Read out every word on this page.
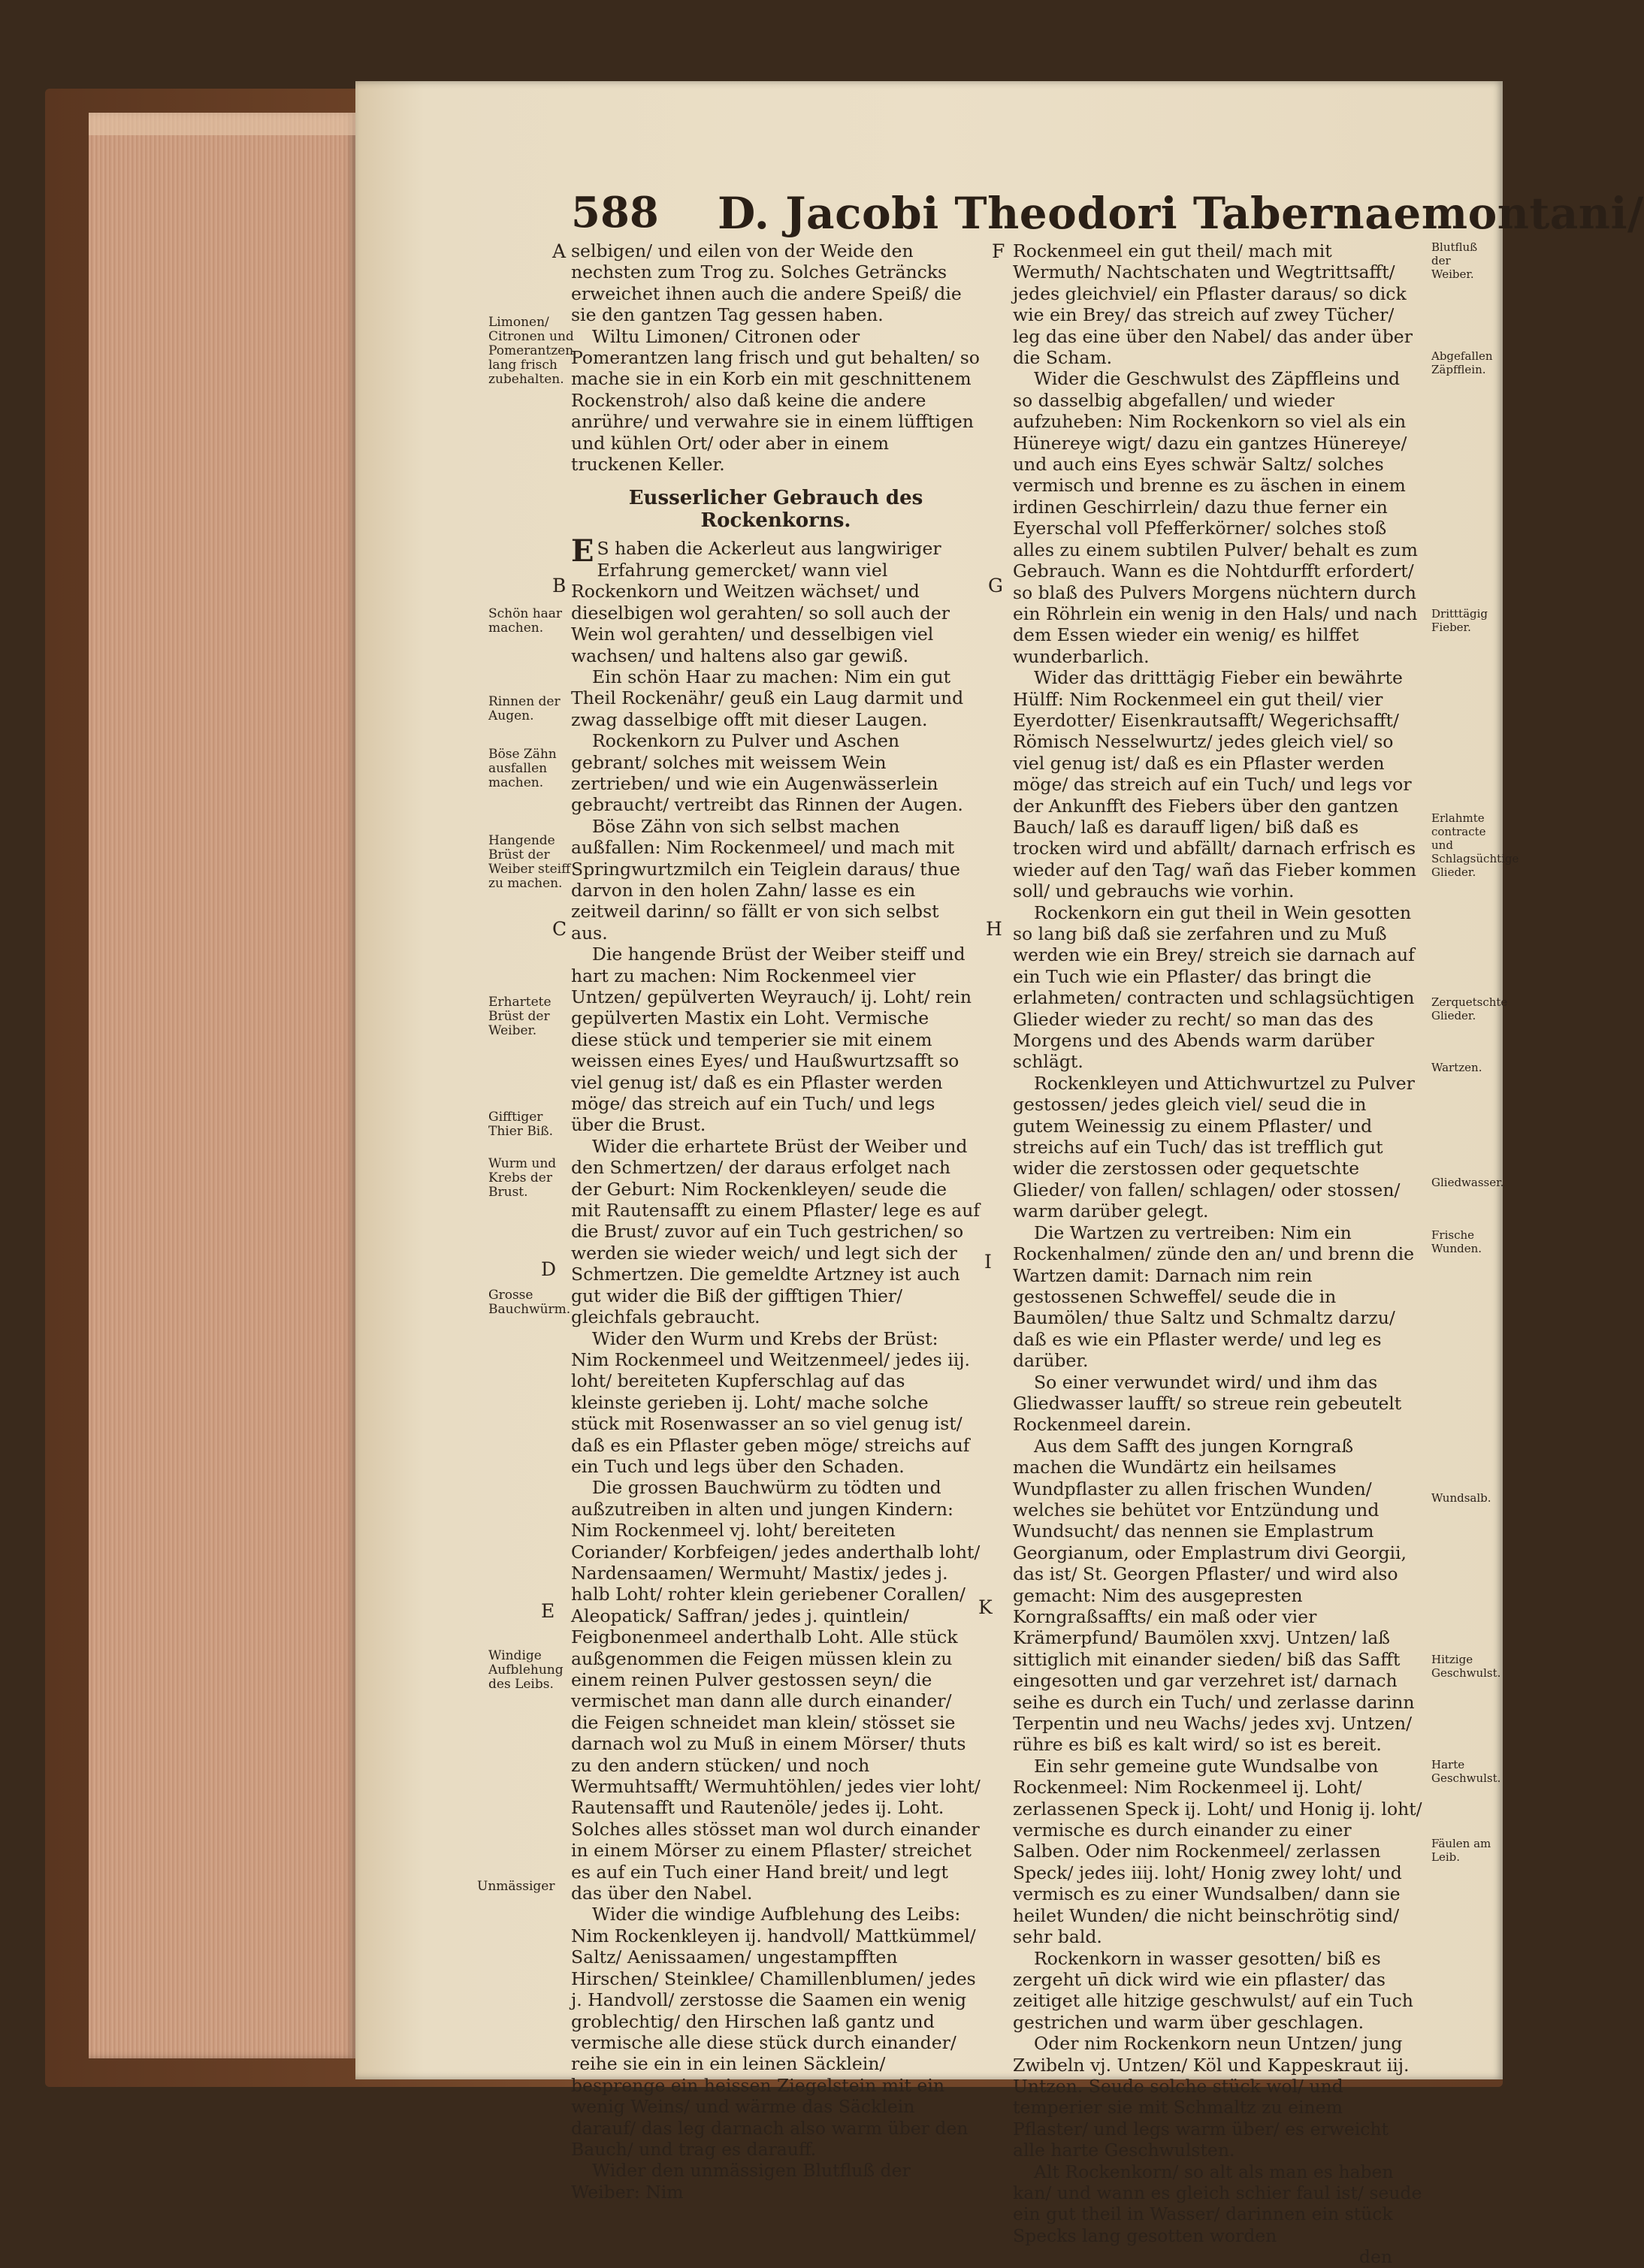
588 D. Jacobi Theodori Tabernaemontani/
A
B
C
D
E
F
G
H
I
K
Limonen/ Citronen und Pomerantzen lang frisch zubehalten.
Schön haar machen.
Rinnen der Augen.
Böse Zähn ausfallen machen.
Hangende Brüst der Weiber steiff zu machen.
Erhartete Brüst der Weiber.
Gifftiger Thier Biß.
Wurm und Krebs der Brust.
Grosse Bauchwürm.
Windige Aufblehung des Leibs.
Unmässiger

selbigen/ und eilen von der Weide den nechsten zum Trog zu. Solches Geträncks erweichet ihnen auch die andere Speiß/ die sie den gantzen Tag gessen haben.

Wiltu Limonen/ Citronen oder Pomerantzen lang frisch und gut behalten/ so mache sie in ein Korb ein mit geschnittenem Rockenstroh/ also daß keine die andere anrühre/ und verwahre sie in einem lüfftigen und kühlen Ort/ oder aber in einem truckenen Keller.

Eusserlicher Gebrauch des Rockenkorns.

E S haben die Ackerleut aus langwiriger Erfahrung gemercket/ wann viel Rockenkorn und Weitzen wächset/ und dieselbigen wol gerahten/ so soll auch der Wein wol gerahten/ und desselbigen viel wachsen/ und haltens also gar gewiß.

Ein schön Haar zu machen: Nim ein gut Theil Rockenähr/ geuß ein Laug darmit und zwag dasselbige offt mit dieser Laugen.

Rockenkorn zu Pulver und Aschen gebrant/ solches mit weissem Wein zertrieben/ und wie ein Augenwässerlein gebraucht/ vertreibt das Rinnen der Augen.

Böse Zähn von sich selbst machen außfallen: Nim Rockenmeel/ und mach mit Springwurtzmilch ein Teiglein daraus/ thue darvon in den holen Zahn/ lasse es ein zeitweil darinn/ so fällt er von sich selbst aus.

Die hangende Brüst der Weiber steiff und hart zu machen: Nim Rockenmeel vier Untzen/ gepülverten Weyrauch/ ij. Loht/ rein gepülverten Mastix ein Loht. Vermische diese stück und temperier sie mit einem weissen eines Eyes/ und Haußwurtzsafft so viel genug ist/ daß es ein Pflaster werden möge/ das streich auf ein Tuch/ und legs über die Brust.

Wider die erhartete Brüst der Weiber und den Schmertzen/ der daraus erfolget nach der Geburt: Nim Rockenkleyen/ seude die mit Rautensafft zu einem Pflaster/ lege es auf die Brust/ zuvor auf ein Tuch gestrichen/ so werden sie wieder weich/ und legt sich der Schmertzen. Die gemeldte Artzney ist auch gut wider die Biß der gifftigen Thier/ gleichfals gebraucht.

Wider den Wurm und Krebs der Brüst: Nim Rockenmeel und Weitzenmeel/ jedes iij. loht/ bereiteten Kupferschlag auf das kleinste gerieben ij. Loht/ mache solche stück mit Rosenwasser an so viel genug ist/ daß es ein Pflaster geben möge/ streichs auf ein Tuch und legs über den Schaden.

Die grossen Bauchwürm zu tödten und außzutreiben in alten und jungen Kindern: Nim Rockenmeel vj. loht/ bereiteten Coriander/ Korbfeigen/ jedes anderthalb loht/ Nardensaamen/ Wermuht/ Mastix/ jedes j. halb Loht/ rohter klein geriebener Corallen/ Aleopatick/ Saffran/ jedes j. quintlein/ Feigbonenmeel anderthalb Loht. Alle stück außgenommen die Feigen müssen klein zu einem reinen Pulver gestossen seyn/ die vermischet man dann alle durch einander/ die Feigen schneidet man klein/ stösset sie darnach wol zu Muß in einem Mörser/ thuts zu den andern stücken/ und noch Wermuhtsafft/ Wermuhtöhlen/ jedes vier loht/ Rautensafft und Rautenöle/ jedes ij. Loht. Solches alles stösset man wol durch einander in einem Mörser zu einem Pflaster/ streichet es auf ein Tuch einer Hand breit/ und legt das über den Nabel.

Wider die windige Aufblehung des Leibs: Nim Rockenkleyen ij. handvoll/ Mattkümmel/ Saltz/ Aenissaamen/ ungestampfften Hirschen/ Steinklee/ Chamillenblumen/ jedes j. Handvoll/ zerstosse die Saamen ein wenig groblechtig/ den Hirschen laß gantz und vermische alle diese stück durch einander/ reihe sie ein in ein leinen Säcklein/ besprenge ein heissen Ziegelstein mit ein wenig Weins/ und wärme das Säcklein darauf/ das leg darnach also warm über den Bauch/ und trag es darauff.

Wider den unmässigen Blutfluß der Weiber: Nim

Rockenmeel ein gut theil/ mach mit Wermuth/ Nachtschaten und Wegtrittsafft/ jedes gleichviel/ ein Pflaster daraus/ so dick wie ein Brey/ das streich auf zwey Tücher/ leg das eine über den Nabel/ das ander über die Scham.

Wider die Geschwulst des Zäpffleins und so dasselbig abgefallen/ und wieder aufzuheben: Nim Rockenkorn so viel als ein Hünereye wigt/ dazu ein gantzes Hünereye/ und auch eins Eyes schwär Saltz/ solches vermisch und brenne es zu äschen in einem irdinen Geschirrlein/ dazu thue ferner ein Eyerschal voll Pfefferkörner/ solches stoß alles zu einem subtilen Pulver/ behalt es zum Gebrauch. Wann es die Nohtdurfft erfordert/ so blaß des Pulvers Morgens nüchtern durch ein Röhrlein ein wenig in den Hals/ und nach dem Essen wieder ein wenig/ es hilffet wunderbarlich.

Wider das dritttägig Fieber ein bewährte Hülff: Nim Rockenmeel ein gut theil/ vier Eyerdotter/ Eisenkrautsafft/ Wegerichsafft/ Römisch Nesselwurtz/ jedes gleich viel/ so viel genug ist/ daß es ein Pflaster werden möge/ das streich auf ein Tuch/ und legs vor der Ankunfft des Fiebers über den gantzen Bauch/ laß es darauff ligen/ biß daß es trocken wird und abfällt/ darnach erfrisch es wieder auf den Tag/ wañ das Fieber kommen soll/ und gebrauchs wie vorhin.

Rockenkorn ein gut theil in Wein gesotten so lang biß daß sie zerfahren und zu Muß werden wie ein Brey/ streich sie darnach auf ein Tuch wie ein Pflaster/ das bringt die erlahmeten/ contracten und schlagsüchtigen Glieder wieder zu recht/ so man das des Morgens und des Abends warm darüber schlägt.

Rockenkleyen und Attichwurtzel zu Pulver gestossen/ jedes gleich viel/ seud die in gutem Weinessig zu einem Pflaster/ und streichs auf ein Tuch/ das ist trefflich gut wider die zerstossen oder gequetschte Glieder/ von fallen/ schlagen/ oder stossen/ warm darüber gelegt.

Die Wartzen zu vertreiben: Nim ein Rockenhalmen/ zünde den an/ und brenn die Wartzen damit: Darnach nim rein gestossenen Schweffel/ seude die in Baumölen/ thue Saltz und Schmaltz darzu/ daß es wie ein Pflaster werde/ und leg es darüber.

So einer verwundet wird/ und ihm das Gliedwasser laufft/ so streue rein gebeutelt Rockenmeel darein.

Aus dem Safft des jungen Korngraß machen die Wundärtz ein heilsames Wundpflaster zu allen frischen Wunden/ welches sie behütet vor Entzündung und Wundsucht/ das nennen sie Emplastrum Georgianum, oder Emplastrum divi Georgii, das ist/ St. Georgen Pflaster/ und wird also gemacht: Nim des ausgepresten Korngraßsaffts/ ein maß oder vier Krämerpfund/ Baumölen xxvj. Untzen/ laß sittiglich mit einander sieden/ biß das Safft eingesotten und gar verzehret ist/ darnach seihe es durch ein Tuch/ und zerlasse darinn Terpentin und neu Wachs/ jedes xvj. Untzen/ rühre es biß es kalt wird/ so ist es bereit.

Ein sehr gemeine gute Wundsalbe von Rockenmeel: Nim Rockenmeel ij. Loht/ zerlassenen Speck ij. Loht/ und Honig ij. loht/ vermische es durch einander zu einer Salben. Oder nim Rockenmeel/ zerlassen Speck/ jedes iiij. loht/ Honig zwey loht/ und vermisch es zu einer Wundsalben/ dann sie heilet Wunden/ die nicht beinschrötig sind/ sehr bald.

Rockenkorn in wasser gesotten/ biß es zergeht un̄ dick wird wie ein pflaster/ das zeitiget alle hitzige geschwulst/ auf ein Tuch gestrichen und warm über geschlagen.

Oder nim Rockenkorn neun Untzen/ jung Zwibeln vj. Untzen/ Köl und Kappeskraut iij. Untzen. Seude solche stück wol/ und temperier sie mit Schmaltz zu einem Pflaster/ und legs warm über/ es erweicht alle harte Geschwulsten.

Alt Rockenkorn/ so alt als man es haben kan/ und wann es gleich schier faul ist/ seude ein gut theil in Wasser/ darinnen ein stück Specks lang gesotten worden

den

Blutfluß der Weiber.
Abgefallen Zäpfflein.
Dritttägig Fieber.
Erlahmte contracte und Schlagsüchtige Glieder.
Zerquetschte Glieder.
Wartzen.
Gliedwasser.
Frische Wunden.
Wundsalb.
Hitzige Geschwulst.
Harte Geschwulst.
Fäulen am Leib.
